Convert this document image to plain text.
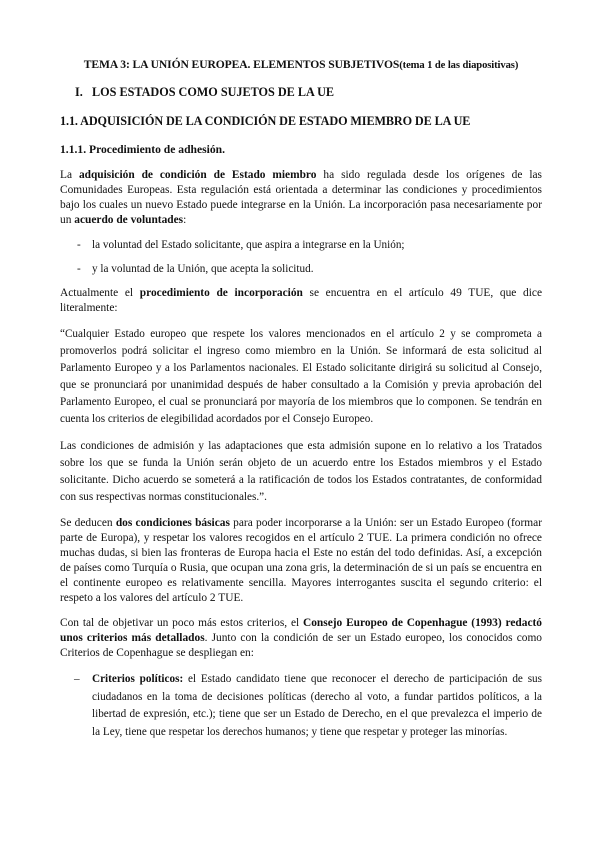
TEMA 3: LA UNIÓN EUROPEA. ELEMENTOS SUBJETIVOS(tema 1 de las diapositivas)
I. LOS ESTADOS COMO SUJETOS DE LA UE
1.1. ADQUISICIÓN DE LA CONDICIÓN DE ESTADO MIEMBRO DE LA UE
1.1.1. Procedimiento de adhesión.

La adquisición de condición de Estado miembro ha sido regulada desde los orígenes de las Comunidades Europeas. Esta regulación está orientada a determinar las condiciones y procedimientos bajo los cuales un nuevo Estado puede integrarse en la Unión. La incorporación pasa necesariamente por un acuerdo de voluntades:

- la voluntad del Estado solicitante, que aspira a integrarse en la Unión;
- y la voluntad de la Unión, que acepta la solicitud.

Actualmente el procedimiento de incorporación se encuentra en el artículo 49 TUE, que dice literalmente:

“Cualquier Estado europeo que respete los valores mencionados en el artículo 2 y se comprometa a promoverlos podrá solicitar el ingreso como miembro en la Unión. Se informará de esta solicitud al Parlamento Europeo y a los Parlamentos nacionales. El Estado solicitante dirigirá su solicitud al Consejo, que se pronunciará por unanimidad después de haber consultado a la Comisión y previa aprobación del Parlamento Europeo, el cual se pronunciará por mayoría de los miembros que lo componen. Se tendrán en cuenta los criterios de elegibilidad acordados por el Consejo Europeo.

Las condiciones de admisión y las adaptaciones que esta admisión supone en lo relativo a los Tratados sobre los que se funda la Unión serán objeto de un acuerdo entre los Estados miembros y el Estado solicitante. Dicho acuerdo se someterá a la ratificación de todos los Estados contratantes, de conformidad con sus respectivas normas constitucionales.”.

Se deducen dos condiciones básicas para poder incorporarse a la Unión: ser un Estado Europeo (formar parte de Europa), y respetar los valores recogidos en el artículo 2 TUE. La primera condición no ofrece muchas dudas, si bien las fronteras de Europa hacia el Este no están del todo definidas. Así, a excepción de países como Turquía o Rusia, que ocupan una zona gris, la determinación de si un país se encuentra en el continente europeo es relativamente sencilla. Mayores interrogantes suscita el segundo criterio: el respeto a los valores del artículo 2 TUE.

Con tal de objetivar un poco más estos criterios, el Consejo Europeo de Copenhague (1993) redactó unos criterios más detallados. Junto con la condición de ser un Estado europeo, los conocidos como Criterios de Copenhague se despliegan en:

– Criterios políticos: el Estado candidato tiene que reconocer el derecho de participación de sus ciudadanos en la toma de decisiones políticas (derecho al voto, a fundar partidos políticos, a la libertad de expresión, etc.); tiene que ser un Estado de Derecho, en el que prevalezca el imperio de la Ley, tiene que respetar los derechos humanos; y tiene que respetar y proteger las minorías.
